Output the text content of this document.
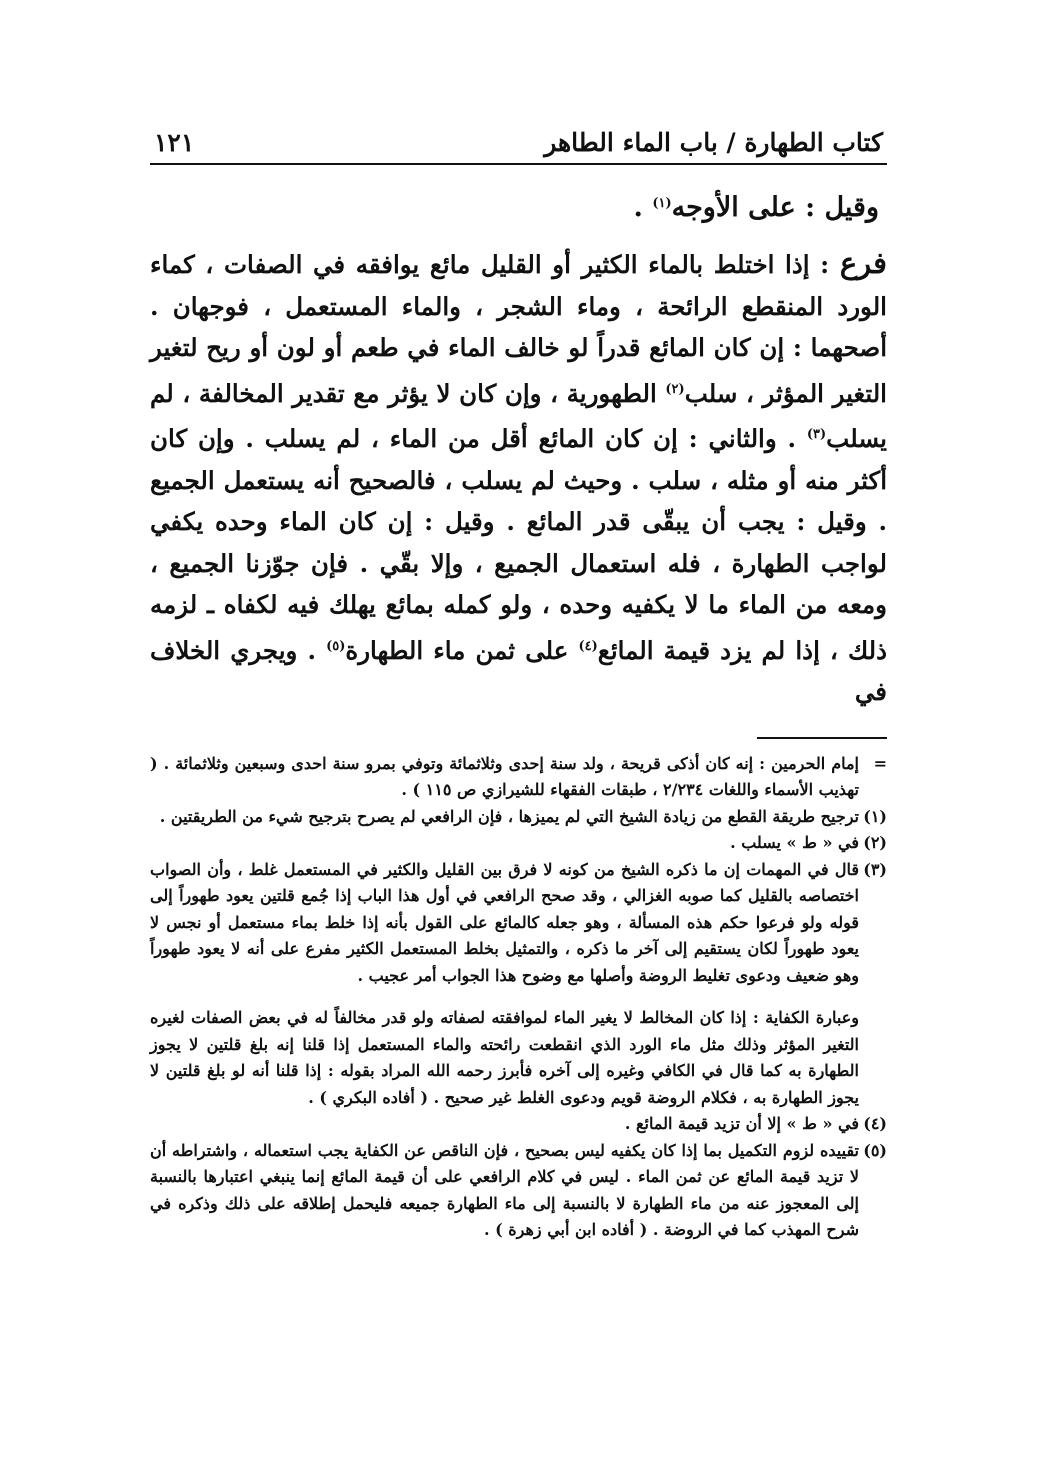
كتاب الطهارة / باب الماء الطاهر
١٢١
وقيل : على الأوجه$^{(١)}$ .
فرع : إذا اختلط بالماء الكثير أو القليل مائع يوافقه في الصفات ، كماء الورد المنقطع الرائحة ، وماء الشجر ، والماء المستعمل ، فوجهان . أصحهما : إن كان المائع قدراً لو خالف الماء في طعم أو لون أو ريح لتغير التغير المؤثر ، سلب$^{(٢)}$ الطهورية ، وإن كان لا يؤثر مع تقدير المخالفة ، لم يسلب$^{(٣)}$ . والثاني : إن كان المائع أقل من الماء ، لم يسلب . وإن كان أكثر منه أو مثله ، سلب . وحيث لم يسلب ، فالصحيح أنه يستعمل الجميع . وقيل : يجب أن يبقّى قدر المائع . وقيل : إن كان الماء وحده يكفي لواجب الطهارة ، فله استعمال الجميع ، وإلا بقّي . فإن جوّزنا الجميع ، ومعه من الماء ما لا يكفيه وحده ، ولو كمله بمائع يهلك فيه لكفاه ـ لزمه ذلك ، إذا لم يزد قيمة المائع$^{(٤)}$ على ثمن ماء الطهارة$^{(٥)}$ . ويجري الخلاف في
=
إمام الحرمين : إنه كان أذكى قريحة ، ولد سنة إحدى وثلاثمائة وتوفي بمرو سنة احدى وسبعين وثلاثمائة . ( تهذيب الأسماء واللغات ٢/٢٣٤ ، طبقات الفقهاء للشيرازي ص ١١٥ ) .
(١)
ترجيح طريقة القطع من زيادة الشيخ التي لم يميزها ، فإن الرافعي لم يصرح بترجيح شيء من الطريقتين .
(٢)
في « ط » يسلب .
(٣)
قال في المهمات إن ما ذكره الشيخ من كونه لا فرق بين القليل والكثير في المستعمل غلط ، وأن الصواب اختصاصه بالقليل كما صوبه الغزالي ، وقد صحح الرافعي في أول هذا الباب إذا جُمع قلتين يعود طهوراً إلى قوله ولو فرعوا حكم هذه المسألة ، وهو جعله كالمائع على القول بأنه إذا خلط بماء مستعمل أو نجس لا يعود طهوراً لكان يستقيم إلى آخر ما ذكره ، والتمثيل بخلط المستعمل الكثير مفرع على أنه لا يعود طهوراً وهو ضعيف ودعوى تغليط الروضة وأصلها مع وضوح هذا الجواب أمر عجيب .
وعبارة الكفاية : إذا كان المخالط لا يغير الماء لموافقته لصفاته ولو قدر مخالفاً له في بعض الصفات لغيره التغير المؤثر وذلك مثل ماء الورد الذي انقطعت رائحته والماء المستعمل إذا قلنا إنه بلغ قلتين لا يجوز الطهارة به كما قال في الكافي وغيره إلى آخره فأبرز رحمه الله المراد بقوله : إذا قلنا أنه لو بلغ قلتين لا يجوز الطهارة به ، فكلام الروضة قويم ودعوى الغلط غير صحيح . ( أفاده البكري ) .
(٤)
في « ط » إلا أن تزيد قيمة المائع .
(٥)
تقييده لزوم التكميل بما إذا كان يكفيه ليس بصحيح ، فإن الناقص عن الكفاية يجب استعماله ، واشتراطه أن لا تزيد قيمة المائع عن ثمن الماء . ليس في كلام الرافعي على أن قيمة المائع إنما ينبغي اعتبارها بالنسبة إلى المعجوز عنه من ماء الطهارة لا بالنسبة إلى ماء الطهارة جميعه فليحمل إطلاقه على ذلك وذكره في شرح المهذب كما في الروضة . ( أفاده ابن أبي زهرة ) .
